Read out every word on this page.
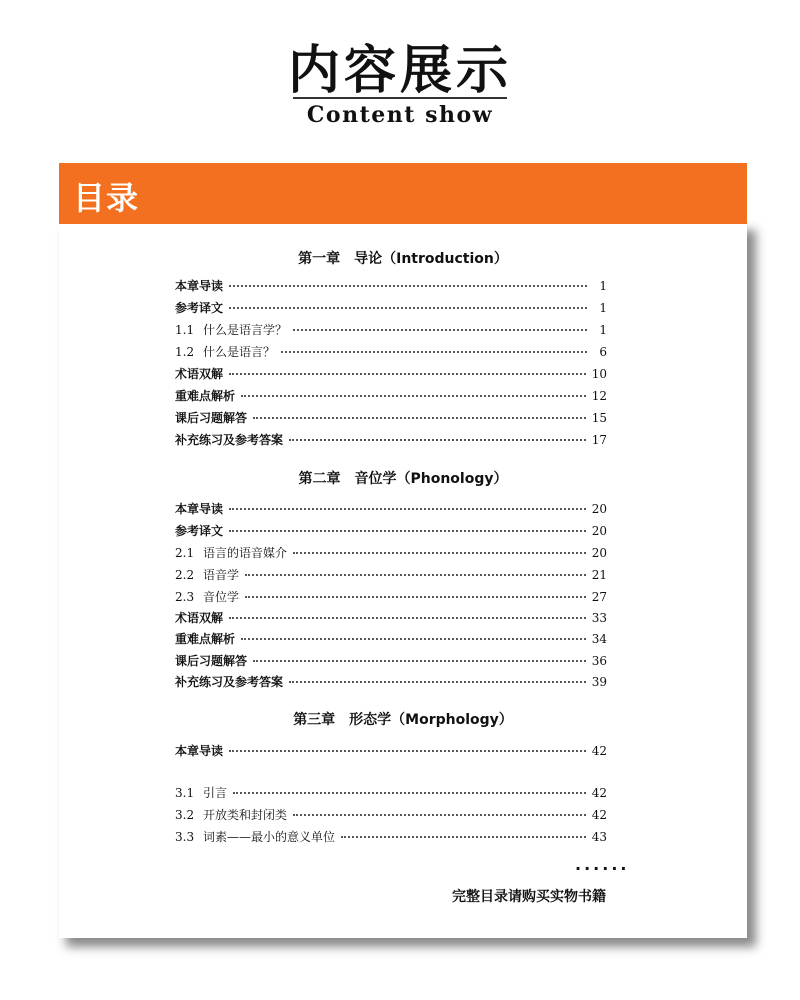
内容展示
Content show
目录
第一章　导论（Introduction）
本章导读	1
参考译文	1
1.1 什么是语言学？	1
1.2 什么是语言？	6
术语双解	10
重难点解析	12
课后习题解答	15
补充练习及参考答案	17
第二章　音位学（Phonology）
本章导读	20
参考译文	20
2.1 语言的语音媒介	20
2.2 语音学	21
2.3 音位学	27
术语双解	33
重难点解析	34
课后习题解答	36
补充练习及参考答案	39
第三章　形态学（Morphology）
本章导读	42
3.1 引言	42
3.2 开放类和封闭类	42
3.3 词素——最小的意义单位	43
······
完整目录请购买实物书籍
